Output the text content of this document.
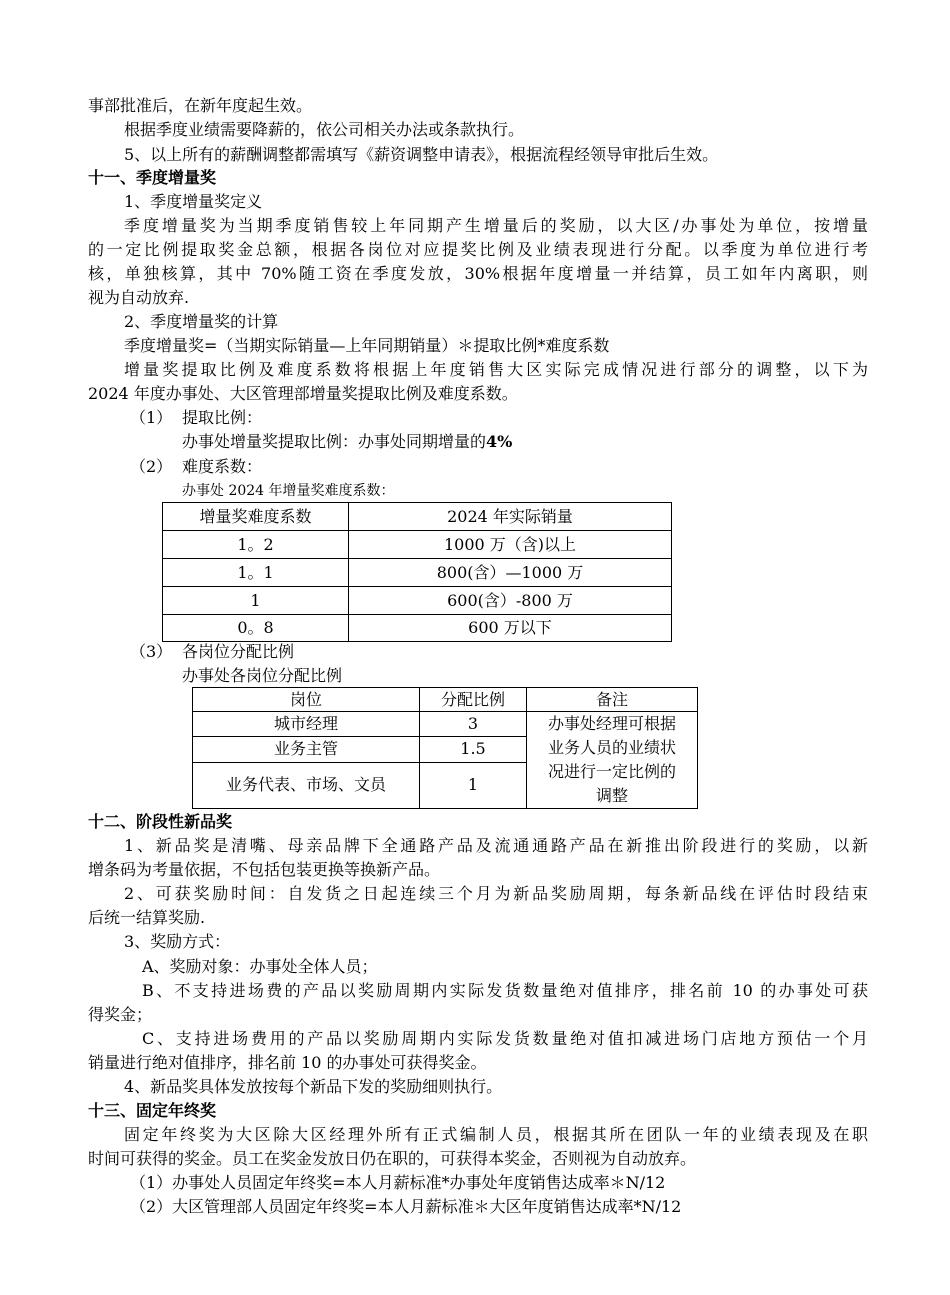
事部批准后，在新年度起生效。
根据季度业绩需要降薪的，依公司相关办法或条款执行。
5、以上所有的薪酬调整都需填写《薪资调整申请表》，根据流程经领导审批后生效。
十一、季度增量奖
1、季度增量奖定义
季度增量奖为当期季度销售较上年同期产生增量后的奖励，以大区/办事处为单位，按增量
的一定比例提取奖金总额，根据各岗位对应提奖比例及业绩表现进行分配。以季度为单位进行考
核，单独核算，其中 70%随工资在季度发放，30%根据年度增量一并结算，员工如年内离职，则
视为自动放弃.
2、季度增量奖的计算
季度增量奖=（当期实际销量—上年同期销量）＊提取比例*难度系数
增量奖提取比例及难度系数将根据上年度销售大区实际完成情况进行部分的调整，以下为
2024 年度办事处、大区管理部增量奖提取比例及难度系数。
（1） 提取比例：
办事处增量奖提取比例：办事处同期增量的4%
（2） 难度系数：
办事处 2024 年增量奖难度系数：
增量奖难度系数	2024 年实际销量
1。2	1000 万（含)以上
1。1	800(含）—1000 万
1	600(含）-800 万
0。8	600 万以下
（3） 各岗位分配比例
办事处各岗位分配比例
岗位	分配比例	备注
城市经理	3	办事处经理可根据
业务人员的业绩状
况进行一定比例的
调整

业务主管	1.5	
业务代表、市场、文员	1	
十二、阶段性新品奖
1、新品奖是清嘴、母亲品牌下全通路产品及流通通路产品在新推出阶段进行的奖励，以新
增条码为考量依据，不包括包装更换等换新产品。
2、可获奖励时间：自发货之日起连续三个月为新品奖励周期，每条新品线在评估时段结束
后统一结算奖励.
3、奖励方式：
A、奖励对象：办事处全体人员；
B、不支持进场费的产品以奖励周期内实际发货数量绝对值排序，排名前 10 的办事处可获
得奖金；
C、支持进场费用的产品以奖励周期内实际发货数量绝对值扣减进场门店地方预估一个月
销量进行绝对值排序，排名前 10 的办事处可获得奖金。
4、新品奖具体发放按每个新品下发的奖励细则执行。
十三、固定年终奖
固定年终奖为大区除大区经理外所有正式编制人员，根据其所在团队一年的业绩表现及在职
时间可获得的奖金。员工在奖金发放日仍在职的，可获得本奖金，否则视为自动放弃。
（1）办事处人员固定年终奖=本人月薪标准*办事处年度销售达成率＊N/12
（2）大区管理部人员固定年终奖=本人月薪标准＊大区年度销售达成率*N/12
